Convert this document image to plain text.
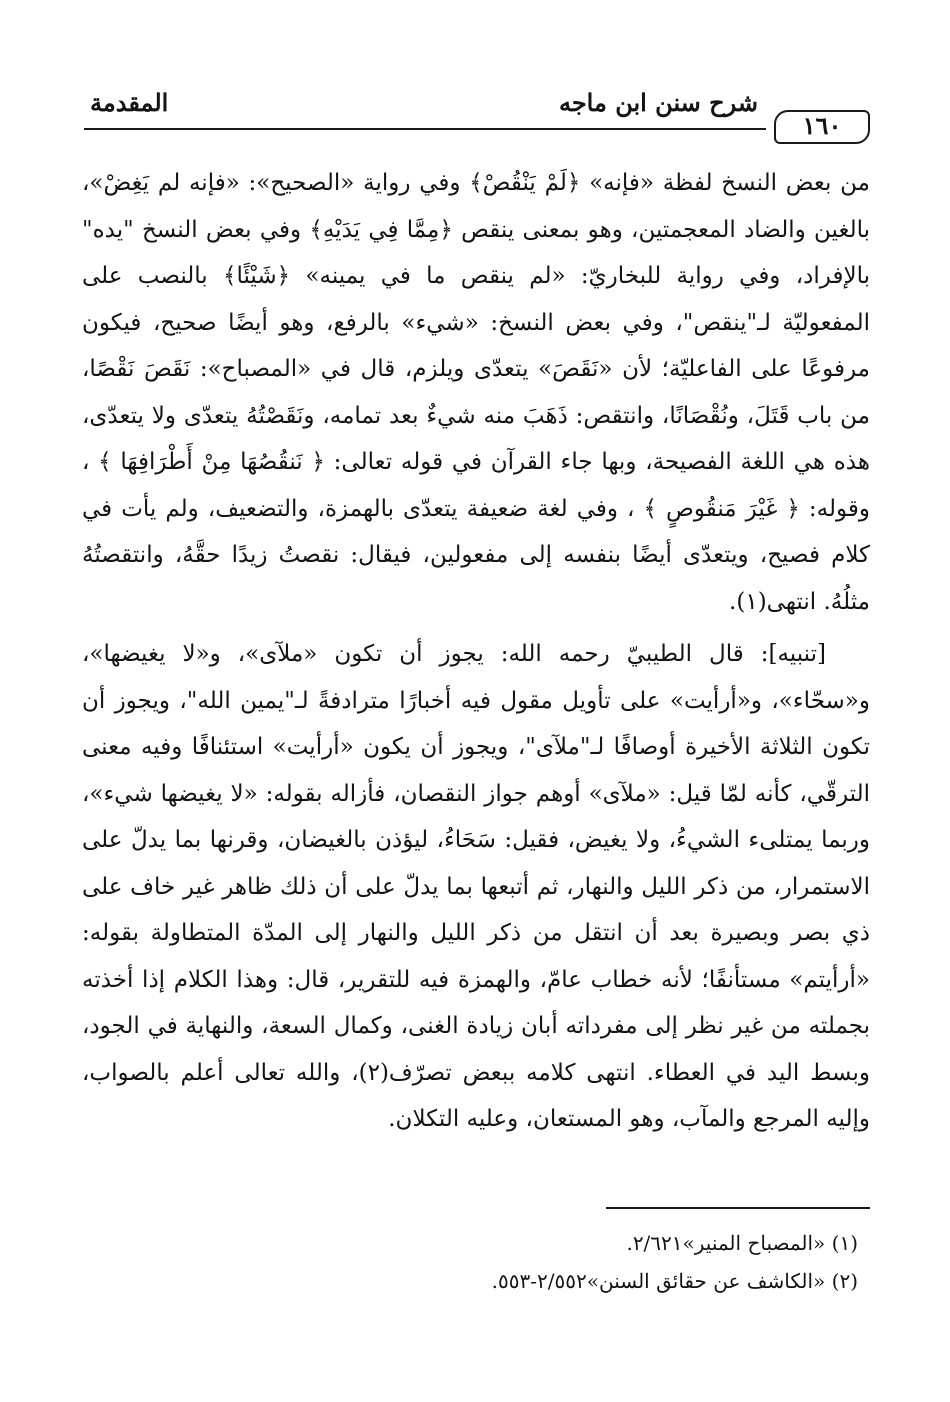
المقدمة	شرح سنن ابن ماجه
١٦٠

من بعض النسخ لفظة «فإنه» ﴿لَمْ يَنْقُصْ﴾ وفي رواية «الصحيح»: «فإنه لم يَغِضْ»، بالغين والضاد المعجمتين، وهو بمعنى ينقص ﴿مِمَّا فِي يَدَيْهِ﴾ وفي بعض النسخ "يده" بالإفراد، وفي رواية للبخاريّ: «لم ينقص ما في يمينه» ﴿شَيْئًا﴾ بالنصب على المفعوليّة لـ"ينقص"، وفي بعض النسخ: «شيء» بالرفع، وهو أيضًا صحيح، فيكون مرفوعًا على الفاعليّة؛ لأن «نَقَصَ» يتعدّى ويلزم، قال في «المصباح»: نَقَصَ نَقْصًا، من باب قَتَلَ، ونُقْصَانًا، وانتقص: ذَهَبَ منه شيءٌ بعد تمامه، ونَقَصْتُهُ يتعدّى ولا يتعدّى، هذه هي اللغة الفصيحة، وبها جاء القرآن في قوله تعالى: ﴿ نَنقُصُهَا مِنْ أَطْرَافِهَا ﴾ ، وقوله: ﴿ غَيْرَ مَنقُوصٍ ﴾ ، وفي لغة ضعيفة يتعدّى بالهمزة، والتضعيف، ولم يأت في كلام فصيح، ويتعدّى أيضًا بنفسه إلى مفعولين، فيقال: نقصتُ زيدًا حقَّهُ، وانتقصتُهُ مثلُهُ. انتهى(١).

[تنبيه]: قال الطيبيّ رحمه الله: يجوز أن تكون «ملآى»، و«لا يغيضها»، و«سحّاء»، و«أرأيت» على تأويل مقول فيه أخبارًا مترادفةً لـ"يمين الله"، ويجوز أن تكون الثلاثة الأخيرة أوصافًا لـ"ملآى"، ويجوز أن يكون «أرأيت» استئنافًا وفيه معنى الترقّي، كأنه لمّا قيل: «ملآى» أوهم جواز النقصان، فأزاله بقوله: «لا يغيضها شيء»، وربما يمتلىء الشيءُ، ولا يغيض، فقيل: سَحَاءُ، ليؤذن بالغيضان، وقرنها بما يدلّ على الاستمرار، من ذكر الليل والنهار، ثم أتبعها بما يدلّ على أن ذلك ظاهر غير خاف على ذي بصر وبصيرة بعد أن انتقل من ذكر الليل والنهار إلى المدّة المتطاولة بقوله: «أرأيتم» مستأنفًا؛ لأنه خطاب عامّ، والهمزة فيه للتقرير، قال: وهذا الكلام إذا أخذته بجملته من غير نظر إلى مفرداته أبان زيادة الغنى، وكمال السعة، والنهاية في الجود، وبسط اليد في العطاء. انتهى كلامه ببعض تصرّف(٢)، والله تعالى أعلم بالصواب، وإليه المرجع والمآب، وهو المستعان، وعليه التكلان.

(١) «المصباح المنير»٢/٦٢١.

(٢) «الكاشف عن حقائق السنن»٢/٥٥٢-٥٥٣.
